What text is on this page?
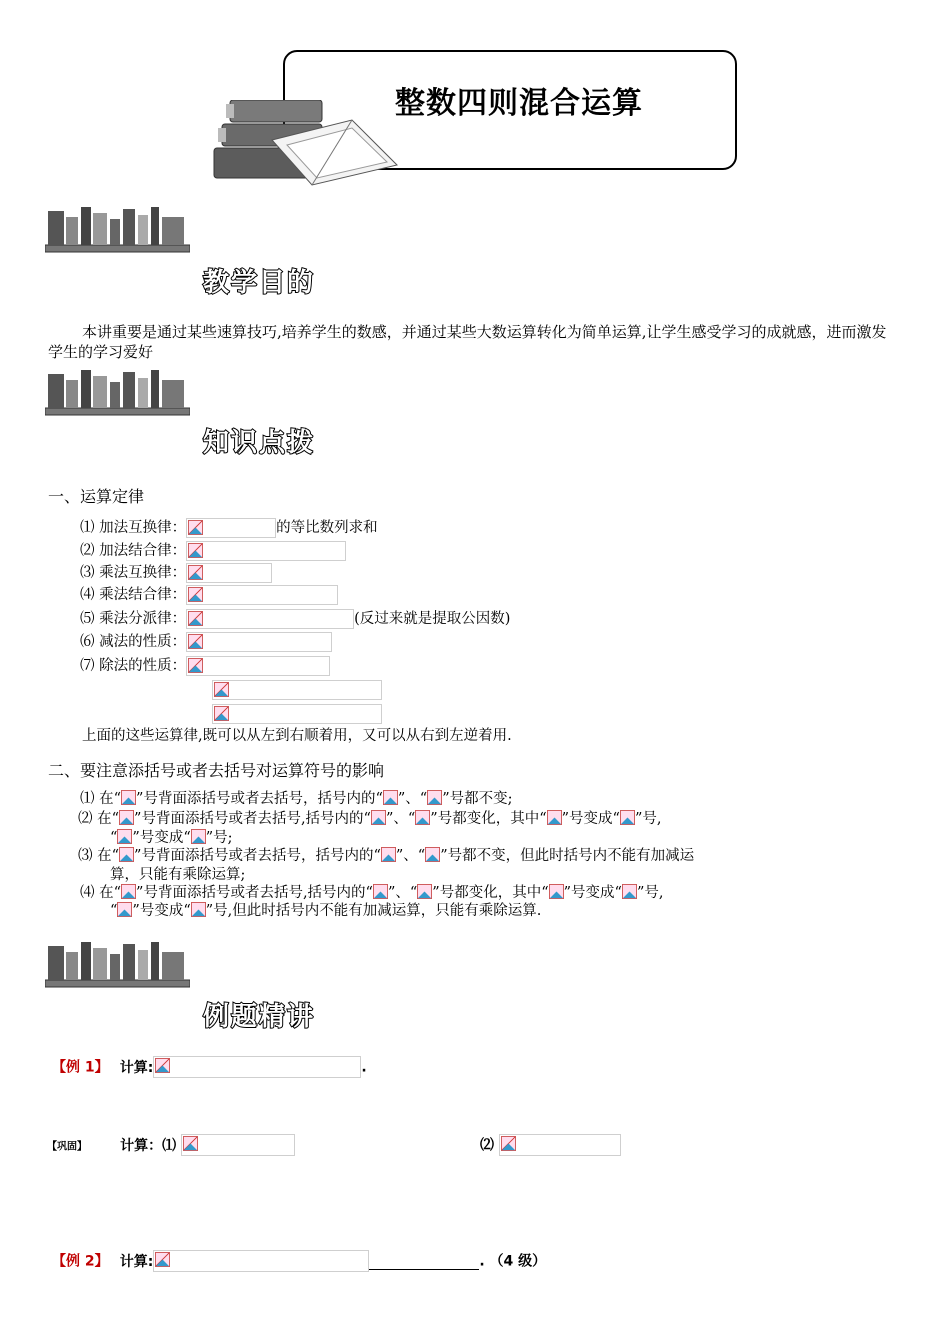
整数四则混合运算
教学目的
本讲重要是通过某些速算技巧,培养学生的数感，并通过某些大数运算转化为简单运算,让学生感受学习的成就感，进而激发学生的学习爱好
知识点拨
一、运算定律
⑴ 加法互换律：	的等比数列求和
⑵ 加法结合律：
⑶ 乘法互换律：
⑷ 乘法结合律：
⑸ 乘法分派律：	(反过来就是提取公因数)
⑹ 减法的性质：
⑺ 除法的性质：
上面的这些运算律,既可以从左到右顺着用，又可以从右到左逆着用.
二、要注意添括号或者去括号对运算符号的影响
⑴ 在“ ”号背面添括号或者去括号，括号内的“ ”、“ ”号都不变;
⑵ 在“ ”号背面添括号或者去括号,括号内的“ ”、“ ”号都变化，其中“ ”号变成“ ”号,
“ ”号变成“ ”号;
⑶ 在“ ”号背面添括号或者去括号，括号内的“ ”、“ ”号都不变，但此时括号内不能有加减运
算，只能有乘除运算;
⑷ 在“ ”号背面添括号或者去括号,括号内的“ ”、“ ”号都变化，其中“ ”号变成“ ”号,
“ ”号变成“ ”号,但此时括号内不能有加减运算，只能有乘除运算.
例题精讲
【例 1】 计算:	.
【巩固】 计算：⑴	⑵
【例 2】 计算:	. （4 级）
